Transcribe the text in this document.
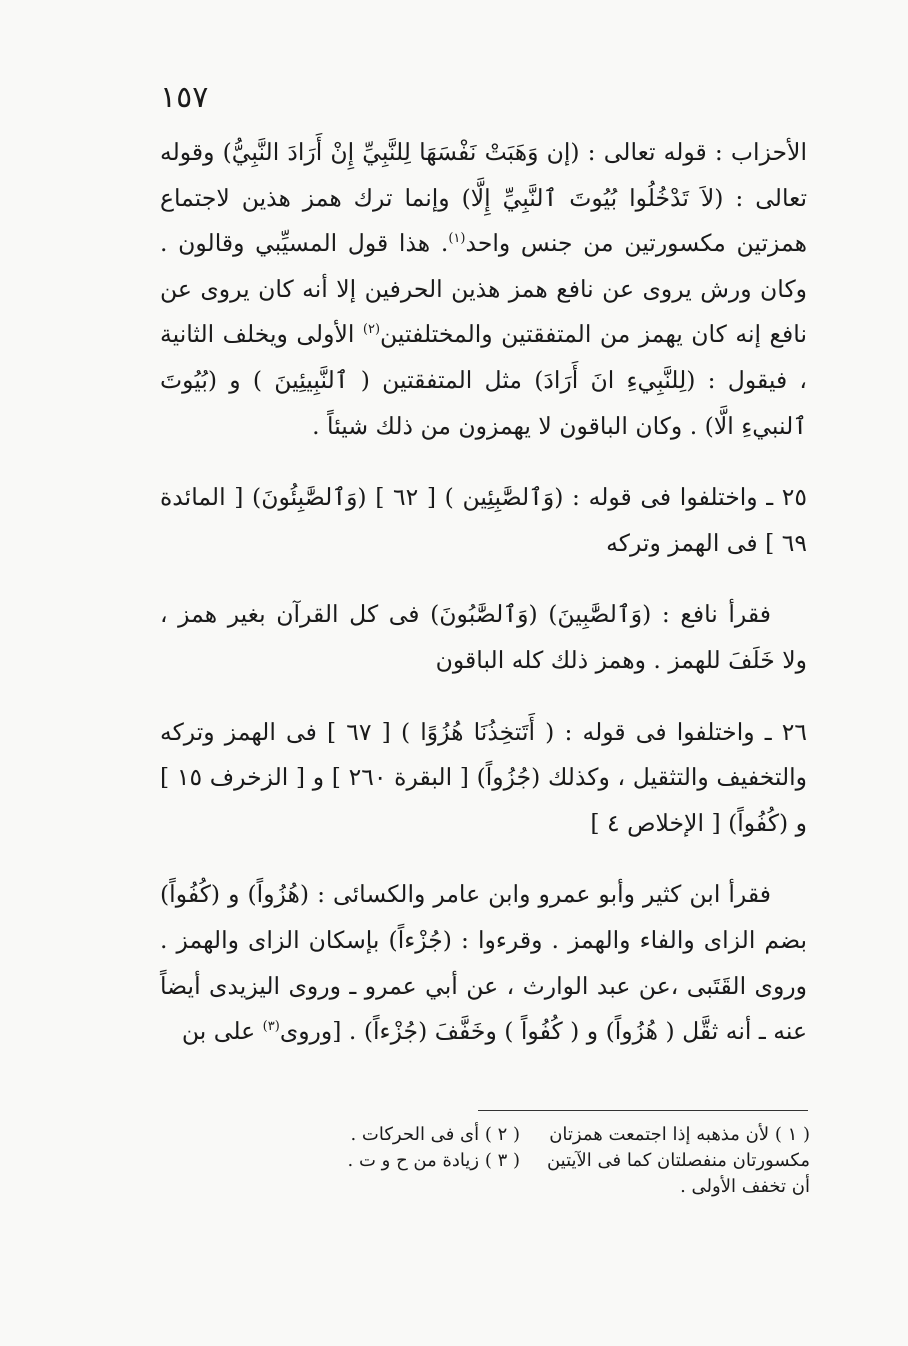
١٥٧

الأحزاب : قوله تعالى : (إن وَهَبَتْ نَفْسَهَا لِلنَّبِيِّ إِنْ أَرَادَ النَّبِيُّ) وقوله تعالى : (لاَ تَدْخُلُوا بُيُوتَ ٱلنَّبِيِّ إِلَّا) وإنما ترك همز هذين لاجتماع همزتين مكسورتين من جنس واحد$^{(١)}$. هذا قول المسيِّبي وقالون . وكان ورش يروى عن نافع همز هذين الحرفين إلا أنه كان يروى عن نافع إنه كان يهمز من المتفقتين والمختلفتين$^{(٢)}$ الأولى ويخلف الثانية ، فيقول : (لِلنَّبِيءِ انَ أَرَادَ) مثل المتفقتين ( ٱلنَّبِيئِينَ ) و (بُيُوتَ ٱلنبيءِ الَّا) . وكان الباقون لا يهمزون من ذلك شيئاً .

٢٥ ـ واختلفوا فى قوله : (وَٱلصَّٰبِئِين ) [ ٦٢ ] (وَٱلصَّٰبِئُونَ) [ المائدة ٦٩ ] فى الهمز وتركه

فقرأ نافع : (وَٱلصَّٰبِينَ) (وَٱلصَّٰبُونَ) فى كل القرآن بغير همز ، ولا خَلَفَ للهمز . وهمز ذلك كله الباقون

٢٦ ـ واختلفوا فى قوله : ( أَتَتخِذُنَا هُزُوًا ) [ ٦٧ ] فى الهمز وتركه والتخفيف والتثقيل ، وكذلك (جُزُواً) [ البقرة ٢٦٠ ] و [ الزخرف ١٥ ] و (كُفُواً) [ الإخلاص ٤ ]

فقرأ ابن كثير وأبو عمرو وابن عامر والكسائى : (هُزُواً) و (كُفُواً) بضم الزاى والفاء والهمز . وقرءوا : (جُزْءاً) بإسكان الزاى والهمز . وروى القَتَبى ،عن عبد الوارث ، عن أبي عمرو ـ وروى اليزيدى أيضاً عنه ـ أنه ثقَّل ( هُزُواً) و ( كُفُواً ) وخَفَّفَ (جُزْءاً) . [وروى$^{(٣)}$ على بن

( ١ ) لأن مذهبه إذا اجتمعت همزتان
( ٢ ) أى فى الحركات .
مكسورتان منفصلتان كما فى الآيتين
( ٣ ) زيادة من ح و ت .
أن تخفف الأولى .
